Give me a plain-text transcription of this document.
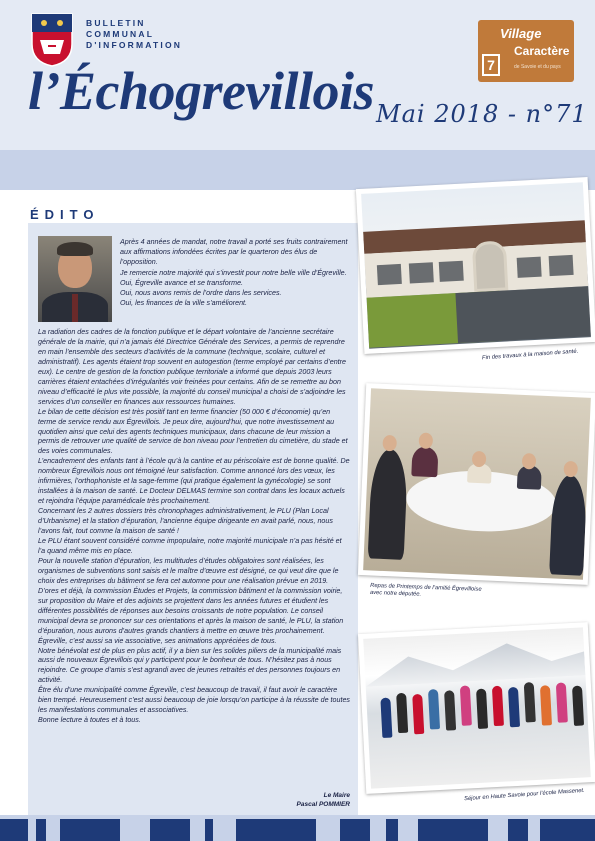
BULLETIN
COMMUNAL
D'INFORMATION
l’Échogrevillois Mai 2018 - n°71
7
Village
Caractère
de Savoie et du pays
ÉDITO

Après 4 années de mandat, notre travail a porté ses fruits contrairement aux affirmations infondées écrites par le quarteron des élus de l’opposition.

Je remercie notre majorité qui s’investit pour notre belle ville d’Égreville.

Oui, Égreville avance et se transforme.

Oui, nous avons remis de l’ordre dans les services.

Oui, les finances de la ville s’améliorent.

La radiation des cadres de la fonction publique et le départ volontaire de l’ancienne secrétaire générale de la mairie, qui n’a jamais été Directrice Générale des Services, a permis de reprendre en main l’ensemble des secteurs d’activités de la commune (technique, scolaire, culturel et administratif). Les agents étaient trop souvent en autogestion (terme employé par certains d’entre eux). Le centre de gestion de la fonction publique territoriale a informé que depuis 2003 leurs carrières étaient entachées d’irrégularités voir freinées pour certains. Afin de se remettre au bon niveau d’efficacité le plus vite possible, la majorité du conseil municipal a choisi de s’adjoindre les services d’un conseiller en finances aux ressources humaines.

Le bilan de cette décision est très positif tant en terme financier (50 000 € d’économie) qu’en terme de service rendu aux Égrevillois. Je peux dire, aujourd’hui, que notre investissement au quotidien ainsi que celui des agents techniques municipaux, dans chacune de leur mission a permis de retrouver une qualité de service de bon niveau pour l’entretien du cimetière, du stade et des voies communales.

L’encadrement des enfants tant à l’école qu’à la cantine et au périscolaire est de bonne qualité. De nombreux Égrevillois nous ont témoigné leur satisfaction. Comme annoncé lors des vœux, les infirmières, l’orthophoniste et la sage-femme (qui pratique également la gynécologie) se sont installées à la maison de santé. Le Docteur DELMAS termine son contrat dans les locaux actuels et rejoindra l’équipe paramédicale très prochainement.

Concernant les 2 autres dossiers très chronophages administrativement, le PLU (Plan Local d’Urbanisme) et la station d’épuration, l’ancienne équipe dirigeante en avait parlé, nous, nous l’avons fait, tout comme la maison de santé !

Le PLU étant souvent considéré comme impopulaire, notre majorité municipale n’a pas hésité et l’a quand même mis en place.

Pour la nouvelle station d’épuration, les multitudes d’études obligatoires sont réalisées, les organismes de subventions sont saisis et le maître d’œuvre est désigné, ce qui veut dire que le choix des entreprises du bâtiment se fera cet automne pour une réalisation prévue en 2019.

D’ores et déjà, la commission Études et Projets, la commission bâtiment et la commission voirie, sur proposition du Maire et des adjoints se projettent dans les années futures et étudient les différentes possibilités de réponses aux besoins croissants de notre population. Le conseil municipal devra se prononcer sur ces orientations et après la maison de santé, le PLU, la station d’épuration, nous aurons d’autres grands chantiers à mettre en œuvre très prochainement.

Égreville, c’est aussi sa vie associative, ses animations appréciées de tous.

Notre bénévolat est de plus en plus actif, il y a bien sur les solides piliers de la municipalité mais aussi de nouveaux Égrevillois qui y participent pour le bonheur de tous. N’hésitez pas à nous rejoindre. Ce groupe d’amis s’est agrandi avec de jeunes retraités et des personnes toujours en activité.

Être élu d’une municipalité comme Égreville, c’est beaucoup de travail, il faut avoir le caractère bien trempé. Heureusement c’est aussi beaucoup de joie lorsqu’on participe à la réussite de toutes les manifestations communales et associatives.

Bonne lecture à toutes et à tous.

Le Maire
Pascal POMMIER
Fin des travaux à la maison de santé.
Repas de Printemps de l’amitié Égrevilloise avec notre députée.
Séjour en Haute Savoie pour l’école Massenet.
